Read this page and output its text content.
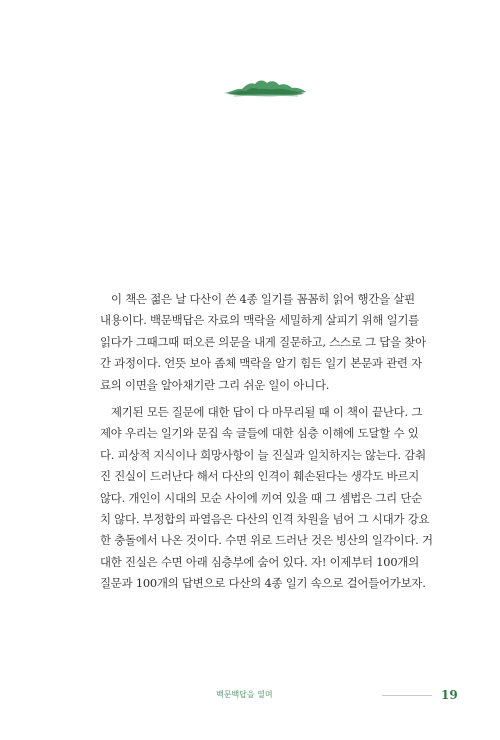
이 책은 젊은 날 다산이 쓴 4종 일기를 꼼꼼히 읽어 행간을 살핀
내용이다. 백문백답은 자료의 맥락을 세밀하게 살피기 위해 일기를
읽다가 그때그때 떠오른 의문을 내게 질문하고, 스스로 그 답을 찾아
간 과정이다. 언뜻 보아 좀체 맥락을 알기 힘든 일기 본문과 관련 자
료의 이면을 알아채기란 그리 쉬운 일이 아니다.

제기된 모든 질문에 대한 답이 다 마무리될 때 이 책이 끝난다. 그
제야 우리는 일기와 문집 속 글들에 대한 심층 이해에 도달할 수 있
다. 피상적 지식이나 희망사항이 늘 진실과 일치하지는 않는다. 감춰
진 진실이 드러난다 해서 다산의 인격이 훼손된다는 생각도 바르지
않다. 개인이 시대의 모순 사이에 끼여 있을 때 그 셈법은 그리 단순
치 않다. 부정합의 파열음은 다산의 인격 차원을 넘어 그 시대가 강요
한 충돌에서 나온 것이다. 수면 위로 드러난 것은 빙산의 일각이다. 거
대한 진실은 수면 아래 심층부에 숨어 있다. 자! 이제부터 100개의
질문과 100개의 답변으로 다산의 4종 일기 속으로 걸어들어가보자.

백문백답을 열며	19
